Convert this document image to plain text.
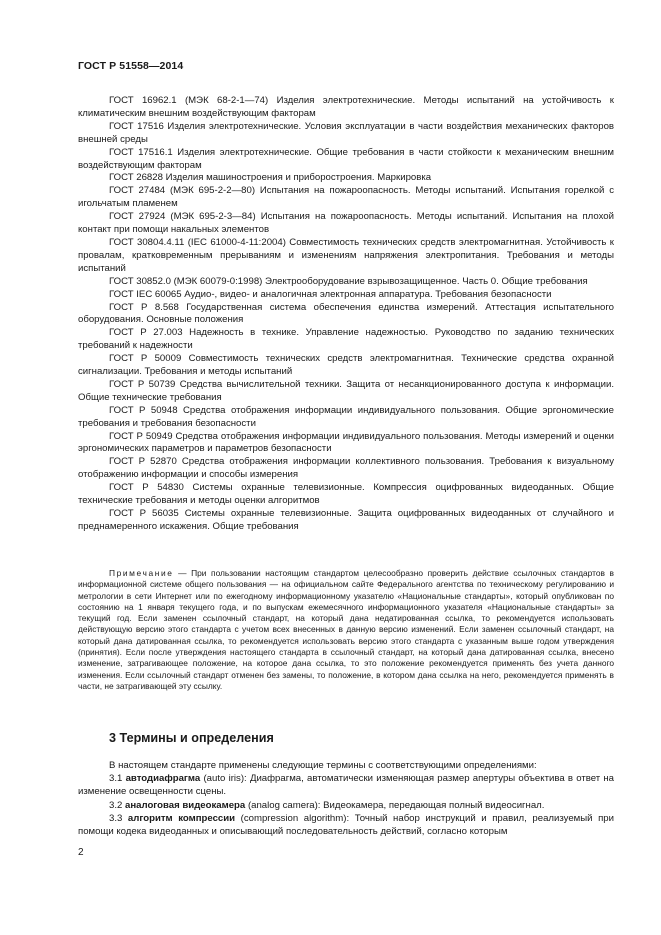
ГОСТ Р 51558—2014

ГОСТ 16962.1 (МЭК 68-2-1—74) Изделия электротехнические. Методы испытаний на устойчивость к климатическим внешним воздействующим факторам

ГОСТ 17516 Изделия электротехнические. Условия эксплуатации в части воздействия механических факторов внешней среды

ГОСТ 17516.1 Изделия электротехнические. Общие требования в части стойкости к механическим внешним воздействующим факторам

ГОСТ 26828 Изделия машиностроения и приборостроения. Маркировка

ГОСТ 27484 (МЭК 695-2-2—80) Испытания на пожароопасность. Методы испытаний. Испытания горелкой с игольчатым пламенем

ГОСТ 27924 (МЭК 695-2-3—84) Испытания на пожароопасность. Методы испытаний. Испытания на плохой контакт при помощи накальных элементов

ГОСТ 30804.4.11 (IEC 61000-4-11:2004) Совместимость технических средств электромагнитная. Устойчивость к провалам, кратковременным прерываниям и изменениям напряжения электропитания. Требования и методы испытаний

ГОСТ 30852.0 (МЭК 60079-0:1998) Электрооборудование взрывозащищенное. Часть 0. Общие требования

ГОСТ IEC 60065 Аудио-, видео- и аналогичная электронная аппаратура. Требования безопасности

ГОСТ Р 8.568 Государственная система обеспечения единства измерений. Аттестация испытательного оборудования. Основные положения

ГОСТ Р 27.003 Надежность в технике. Управление надежностью. Руководство по заданию технических требований к надежности

ГОСТ Р 50009 Совместимость технических средств электромагнитная. Технические средства охранной сигнализации. Требования и методы испытаний

ГОСТ Р 50739 Средства вычислительной техники. Защита от несанкционированного доступа к информации. Общие технические требования

ГОСТ Р 50948 Средства отображения информации индивидуального пользования. Общие эргономические требования и требования безопасности

ГОСТ Р 50949 Средства отображения информации индивидуального пользования. Методы измерений и оценки эргономических параметров и параметров безопасности

ГОСТ Р 52870 Средства отображения информации коллективного пользования. Требования к визуальному отображению информации и способы измерения

ГОСТ Р 54830 Системы охранные телевизионные. Компрессия оцифрованных видеоданных. Общие технические требования и методы оценки алгоритмов

ГОСТ Р 56035 Системы охранные телевизионные. Защита оцифрованных видеоданных от случайного и преднамеренного искажения. Общие требования

Примечание — При пользовании настоящим стандартом целесообразно проверить действие ссылочных стандартов в информационной системе общего пользования — на официальном сайте Федерального агентства по техническому регулированию и метрологии в сети Интернет или по ежегодному информационному указателю «Национальные стандарты», который опубликован по состоянию на 1 января текущего года, и по выпускам ежемесячного информационного указателя «Национальные стандарты» за текущий год. Если заменен ссылочный стандарт, на который дана недатированная ссылка, то рекомендуется использовать действующую версию этого стандарта с учетом всех внесенных в данную версию изменений. Если заменен ссылочный стандарт, на который дана датированная ссылка, то рекомендуется использовать версию этого стандарта с указанным выше годом утверждения (принятия). Если после утверждения настоящего стандарта в ссылочный стандарт, на который дана датированная ссылка, внесено изменение, затрагивающее положение, на которое дана ссылка, то это положение рекомендуется применять без учета данного изменения. Если ссылочный стандарт отменен без замены, то положение, в котором дана ссылка на него, рекомендуется применять в части, не затрагивающей эту ссылку.

3 Термины и определения

В настоящем стандарте применены следующие термины с соответствующими определениями:

3.1 автодиафрагма (auto iris): Диафрагма, автоматически изменяющая размер апертуры объектива в ответ на изменение освещенности сцены.

3.2 аналоговая видеокамера (analog camera): Видеокамера, передающая полный видеосигнал.

3.3 алгоритм компрессии (compression algorithm): Точный набор инструкций и правил, реализуемый при помощи кодека видеоданных и описывающий последовательность действий, согласно которым

2
